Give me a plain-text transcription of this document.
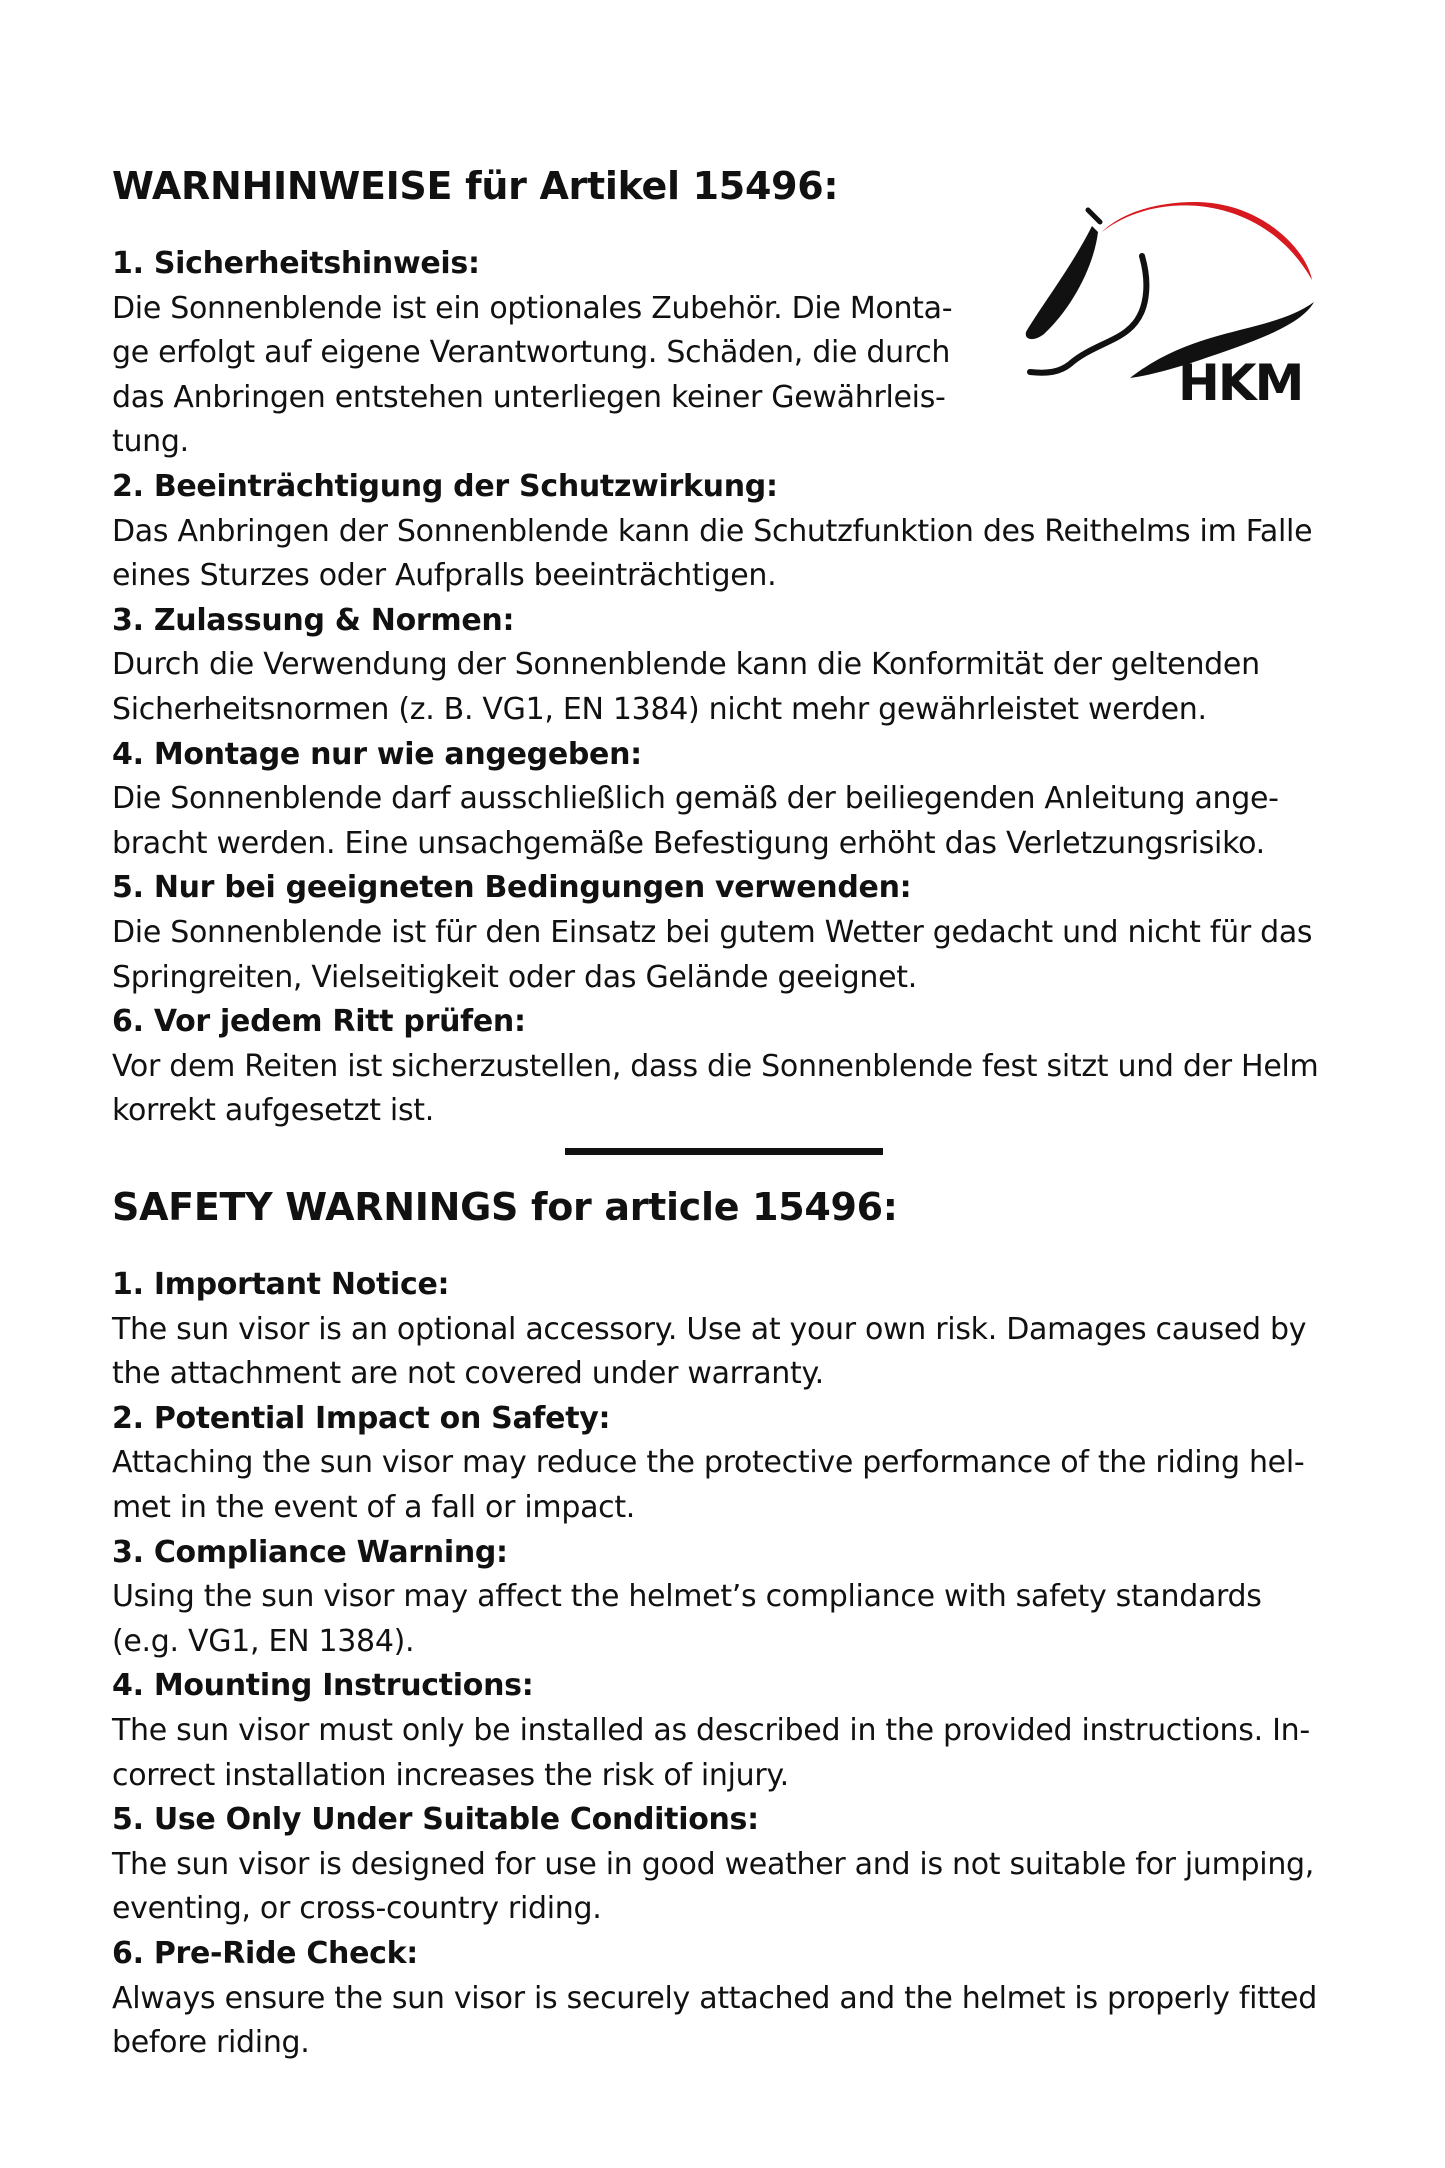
HKM
WARNHINWEISE für Artikel 15496:
1. Sicherheitshinweis:
Die Sonnenblende ist ein optionales Zubehör. Die Monta-
ge erfolgt auf eigene Verantwortung. Schäden, die durch
das Anbringen entstehen unterliegen keiner Gewährleis-
tung.
2. Beeinträchtigung der Schutzwirkung:
Das Anbringen der Sonnenblende kann die Schutzfunktion des Reithelms im Falle
eines Sturzes oder Aufpralls beeinträchtigen.
3. Zulassung & Normen:
Durch die Verwendung der Sonnenblende kann die Konformität der geltenden
Sicherheitsnormen (z. B. VG1, EN 1384) nicht mehr gewährleistet werden.
4. Montage nur wie angegeben:
Die Sonnenblende darf ausschließlich gemäß der beiliegenden Anleitung ange-
bracht werden. Eine unsachgemäße Befestigung erhöht das Verletzungsrisiko.
5. Nur bei geeigneten Bedingungen verwenden:
Die Sonnenblende ist für den Einsatz bei gutem Wetter gedacht und nicht für das
Springreiten, Vielseitigkeit oder das Gelände geeignet.
6. Vor jedem Ritt prüfen:
Vor dem Reiten ist sicherzustellen, dass die Sonnenblende fest sitzt und der Helm
korrekt aufgesetzt ist.
SAFETY WARNINGS for article 15496:
1. Important Notice:
The sun visor is an optional accessory. Use at your own risk. Damages caused by
the attachment are not covered under warranty.
2. Potential Impact on Safety:
Attaching the sun visor may reduce the protective performance of the riding hel-
met in the event of a fall or impact.
3. Compliance Warning:
Using the sun visor may affect the helmet’s compliance with safety standards
(e.g. VG1, EN 1384).
4. Mounting Instructions:
The sun visor must only be installed as described in the provided instructions. In-
correct installation increases the risk of injury.
5. Use Only Under Suitable Conditions:
The sun visor is designed for use in good weather and is not suitable for jumping,
eventing, or cross-country riding.
6. Pre-Ride Check:
Always ensure the sun visor is securely attached and the helmet is properly fitted
before riding.
